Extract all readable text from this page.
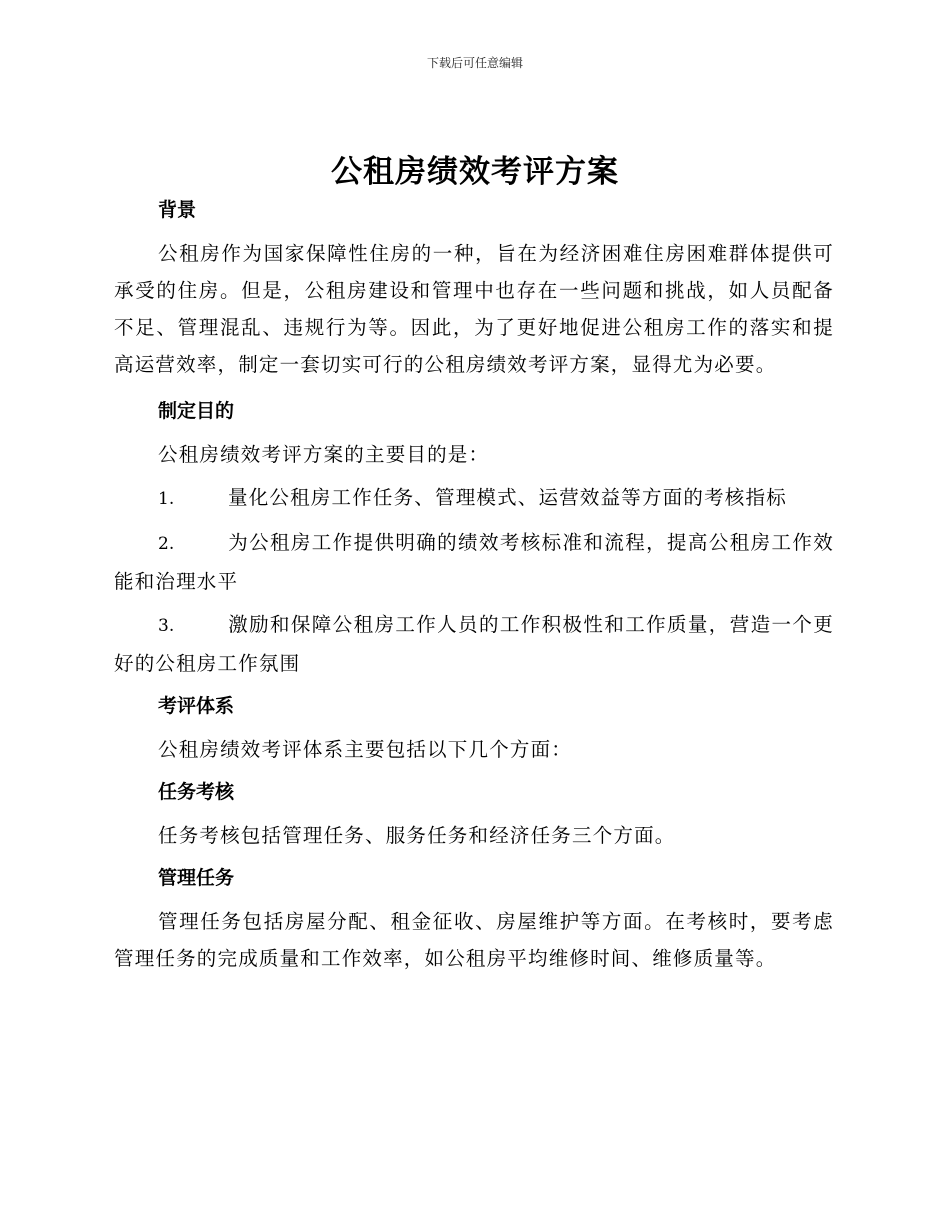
下载后可任意编辑
公租房绩效考评方案

背景

公租房作为国家保障性住房的一种，旨在为经济困难住房困难群体提供可承受的住房。但是，公租房建设和管理中也存在一些问题和挑战，如人员配备不足、管理混乱、违规行为等。因此，为了更好地促进公租房工作的落实和提高运营效率，制定一套切实可行的公租房绩效考评方案，显得尤为必要。

制定目的

公租房绩效考评方案的主要目的是：

1.	量化公租房工作任务、管理模式、运营效益等方面的考核指标

2.	为公租房工作提供明确的绩效考核标准和流程，提高公租房工作效能和治理水平

3.	激励和保障公租房工作人员的工作积极性和工作质量，营造一个更好的公租房工作氛围

考评体系

公租房绩效考评体系主要包括以下几个方面：

任务考核

任务考核包括管理任务、服务任务和经济任务三个方面。

管理任务

管理任务包括房屋分配、租金征收、房屋维护等方面。在考核时，要考虑管理任务的完成质量和工作效率，如公租房平均维修时间、维修质量等。
